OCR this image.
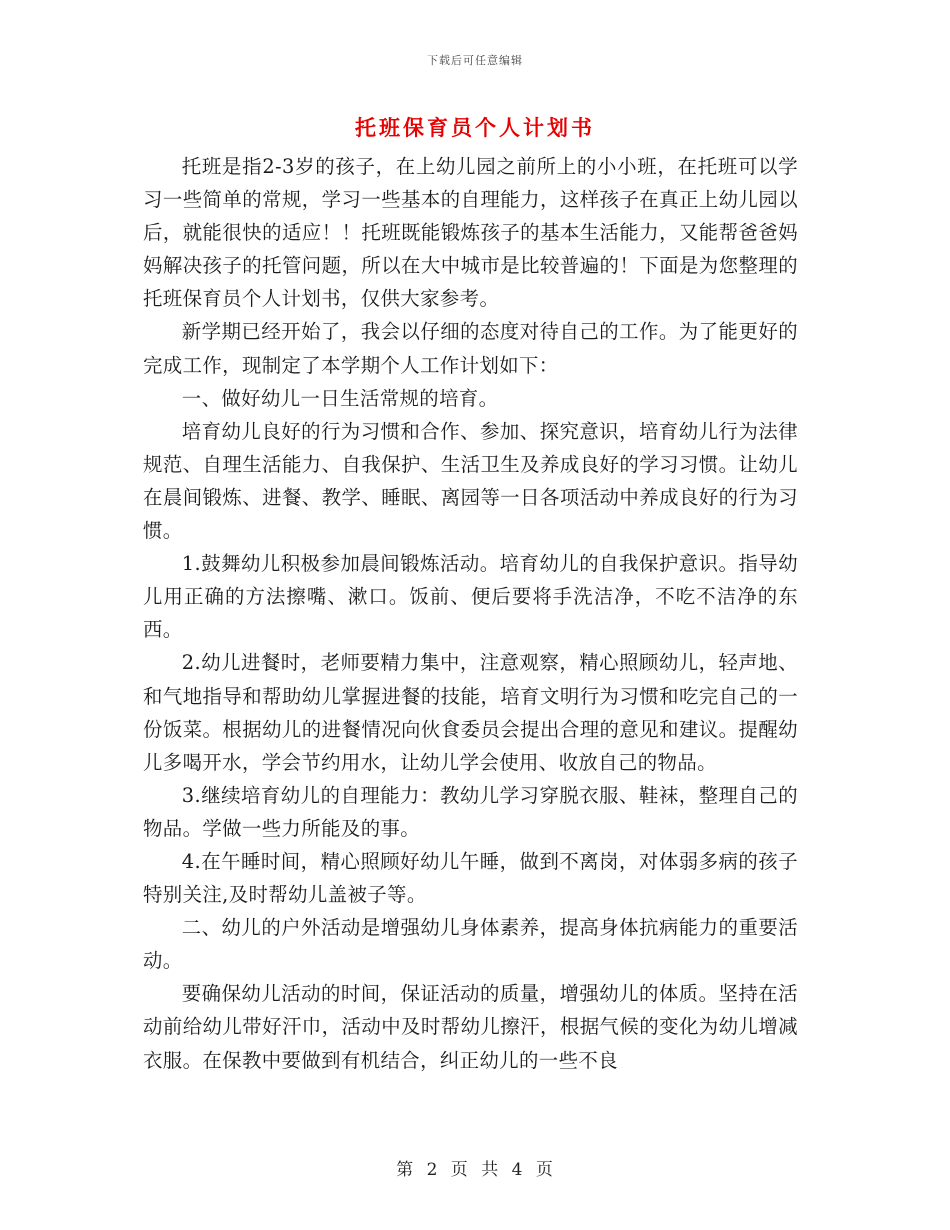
下载后可任意编辑
托班保育员个人计划书

托班是指2-3岁的孩子，在上幼儿园之前所上的小小班，在托班可以学习一些简单的常规，学习一些基本的自理能力，这样孩子在真正上幼儿园以后，就能很快的适应！！托班既能锻炼孩子的基本生活能力，又能帮爸爸妈妈解决孩子的托管问题，所以在大中城市是比较普遍的！下面是为您整理的托班保育员个人计划书，仅供大家参考。

新学期已经开始了，我会以仔细的态度对待自己的工作。为了能更好的完成工作，现制定了本学期个人工作计划如下：

一、做好幼儿一日生活常规的培育。

培育幼儿良好的行为习惯和合作、参加、探究意识，培育幼儿行为法律规范、自理生活能力、自我保护、生活卫生及养成良好的学习习惯。让幼儿在晨间锻炼、进餐、教学、睡眠、离园等一日各项活动中养成良好的行为习惯。

1.鼓舞幼儿积极参加晨间锻炼活动。培育幼儿的自我保护意识。指导幼儿用正确的方法擦嘴、漱口。饭前、便后要将手洗洁净，不吃不洁净的东西。

2.幼儿进餐时，老师要精力集中，注意观察，精心照顾幼儿，轻声地、和气地指导和帮助幼儿掌握进餐的技能，培育文明行为习惯和吃完自己的一份饭菜。根据幼儿的进餐情况向伙食委员会提出合理的意见和建议。提醒幼儿多喝开水，学会节约用水，让幼儿学会使用、收放自己的物品。

3.继续培育幼儿的自理能力：教幼儿学习穿脱衣服、鞋袜，整理自己的物品。学做一些力所能及的事。

4.在午睡时间，精心照顾好幼儿午睡，做到不离岗，对体弱多病的孩子特别关注,及时帮幼儿盖被子等。

二、幼儿的户外活动是增强幼儿身体素养，提高身体抗病能力的重要活动。

要确保幼儿活动的时间，保证活动的质量，增强幼儿的体质。坚持在活动前给幼儿带好汗巾，活动中及时帮幼儿擦汗，根据气候的变化为幼儿增减衣服。在保教中要做到有机结合，纠正幼儿的一些不良

第 2 页 共 4 页
